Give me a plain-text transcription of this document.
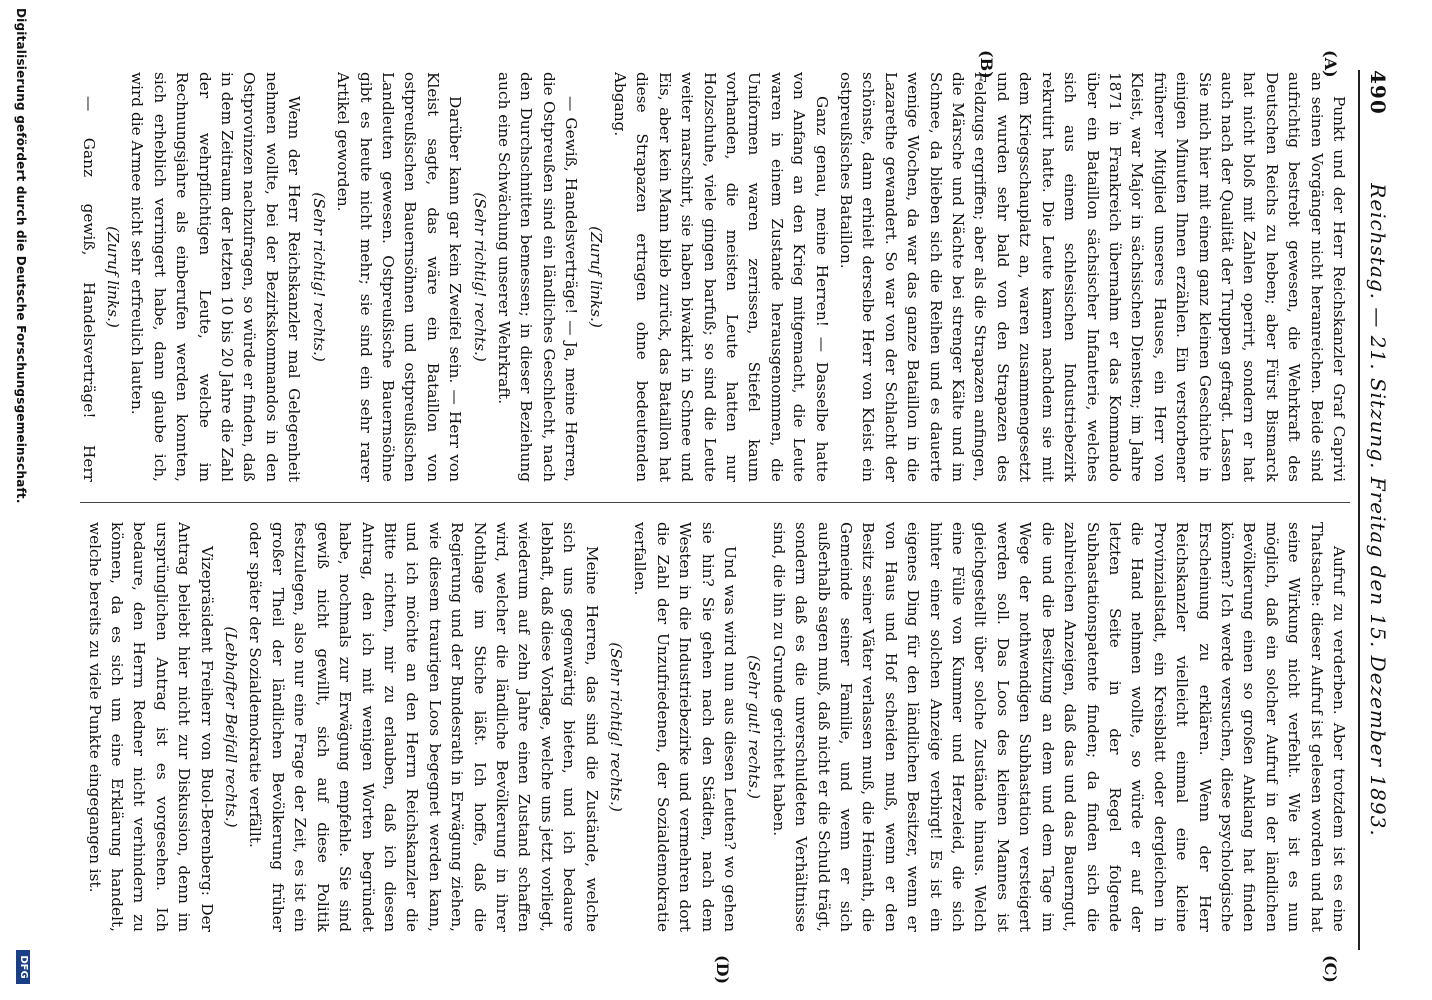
490
Reichstag. — 21. Sitzung. Freitag den 15. Dezember 1893.
(A)
(B)
(C)
(D)

Punkt und der Herr Reichskanzler Graf Caprivi an seinen Vorgänger nicht heranreichen. Beide sind aufrichtig bestrebt gewesen, die Wehrkraft des Deutschen Reichs zu heben; aber Fürst Bismarck hat nicht bloß mit Zahlen operirt, sondern er hat auch nach der Qualität der Truppen gefragt. Lassen Sie mich hier mit einem ganz kleinen Geschichte in einigen Minuten Ihnen erzählen. Ein verstorbener früherer Mitglied unseres Hauses, ein Herr von Kleist, war Major in sächsischen Diensten; im Jahre 1871 in Frankreich übernahm er das Kommando über ein Bataillon sächsischer Infanterie, welches sich aus einem schlesischen Industriebezirk rekrutirt hatte. Die Leute kamen nachdem sie mit dem Kriegsschauplatz an, waren zusammengesetzt und wurden sehr bald von den Strapazen des Feldzugs ergriffen; aber als die Strapazen anfingen, die Märsche und Nächte bei strenger Kälte und im Schnee, da blieben sich die Reihen und es dauerte wenige Wochen, da war das ganze Bataillon in die Lazarethe gewandert. So war von der Schlacht der schönste, dann erhielt derselbe Herr von Kleist ein ostpreußisches Bataillon.

Ganz genau, meine Herren! — Dasselbe hatte von Anfang an den Krieg mitgemacht, die Leute waren in einem Zustande herausgenommen, die Uniformen waren zerrissen, Stiefel kaum vorhanden, die meisten Leute hatten nur Holzschuhe, viele gingen barfuß; so sind die Leute weiter marschirt, sie haben biwakirt in Schnee und Eis, aber kein Mann blieb zurück, das Bataillon hat diese Strapazen ertragen ohne bedeutenden Abgang.

(Zuruf links.)

— Gewiß, Handelsverträge! — Ja, meine Herren, die Ostpreußen sind ein ländliches Geschlecht, nach den Durchschnitten bemessen; in dieser Beziehung auch eine Schwächung unserer Wehrkraft.

(Sehr richtig! rechts.)

Darüber kann gar kein Zweifel sein. — Herr von Kleist sagte, das wäre ein Bataillon von ostpreußischen Bauernsöhnen und ostpreußischen Landleuten gewesen. Ostpreußische Bauernsöhne gibt es heute nicht mehr; sie sind ein sehr rarer Artikel geworden.

(Sehr richtig! rechts.)

Wenn der Herr Reichskanzler mal Gelegenheit nehmen wollte, bei der Bezirkskommandos in den Ostprovinzen nachzufragen, so würde er finden, daß in dem Zeitraum der letzten 10 bis 20 Jahre die Zahl der wehrpflichtigen Leute, welche im Rechnungsjahre als einberufen werden konnten, sich erheblich verringert habe, dann glaube ich, wird die Armee nicht sehr erfreulich lauten.

(Zuruf links.)

— Ganz gewiß, Handelsverträge! Herr

Aufruf zu verderben. Aber trotzdem ist es eine Thatsache: dieser Aufruf ist gelesen worden und hat seine Wirkung nicht verfehlt. Wie ist es nun möglich, daß ein solcher Aufruf in der ländlichen Bevölkerung einen so großen Anklang hat finden können? Ich werde versuchen, diese psychologische Erscheinung zu erklären. Wenn der Herr Reichskanzler vielleicht einmal eine kleine Provinzialstadt, ein Kreisblatt oder dergleichen in die Hand nehmen wollte, so würde er auf der letzten Seite in der Regel folgende Subhastationspatente finden; da finden sich die zahlreichen Anzeigen, daß das und das Bauerngut, die und die Besitzung an dem und dem Tage im Wege der nothwendigen Subhastation versteigert werden soll. Das Loos des kleinen Mannes ist gleichgestellt über solche Zustände hinaus. Welch eine Fülle von Kummer und Herzeleid, die sich hinter einer solchen Anzeige verbirgt! Es ist ein eigenes Ding für den ländlichen Besitzer, wenn er von Haus und Hof scheiden muß, wenn er den Besitz seiner Väter verlassen muß, die Heimath, die Gemeinde seiner Familie, und wenn er sich außerhalb sagen muß, daß nicht er die Schuld trägt, sondern daß es die unverschuldeten Verhältnisse sind, die ihn zu Grunde gerichtet haben.

(Sehr gut! rechts.)

Und was wird nun aus diesen Leuten? wo gehen sie hin? Sie gehen nach den Städten, nach dem Westen in die Industriebezirke und vermehren dort die Zahl der Unzufriedenen, der Sozialdemokratie verfallen.

(Sehr richtig! rechts.)

Meine Herren, das sind die Zustände, welche sich uns gegenwärtig bieten, und ich bedaure lebhaft, daß diese Vorlage, welche uns jetzt vorliegt, wiederum auf zehn Jahre einen Zustand schaffen wird, welcher die ländliche Bevölkerung in ihrer Nothlage im Stiche läßt. Ich hoffe, daß die Regierung und der Bundesrath in Erwägung ziehen, wie diesem traurigen Loos begegnet werden kann, und ich möchte an den Herrn Reichskanzler die Bitte richten, mir zu erlauben, daß ich diesen Antrag, den ich mit wenigen Worten begründet habe, nochmals zur Erwägung empfehle. Sie sind gewiß nicht gewillt, sich auf diese Politik festzulegen, also nur eine Frage der Zeit, es ist ein großer Theil der ländlichen Bevölkerung früher oder später der Sozialdemokratie verfällt.

(Lebhafter Beifall rechts.)

Vizepräsident Freiherr von Buol-Berenberg: Der Antrag beliebt hier nicht zur Diskussion, denn im ursprünglichen Antrag ist es vorgesehen. Ich bedaure, den Herrn Redner nicht verhindern zu können, da es sich um eine Erklärung handelt, welche bereits zu viele Punkte eingegangen ist.

Digitalisierung gefördert durch die Deutsche Forschungsgemeinschaft.
DFG
